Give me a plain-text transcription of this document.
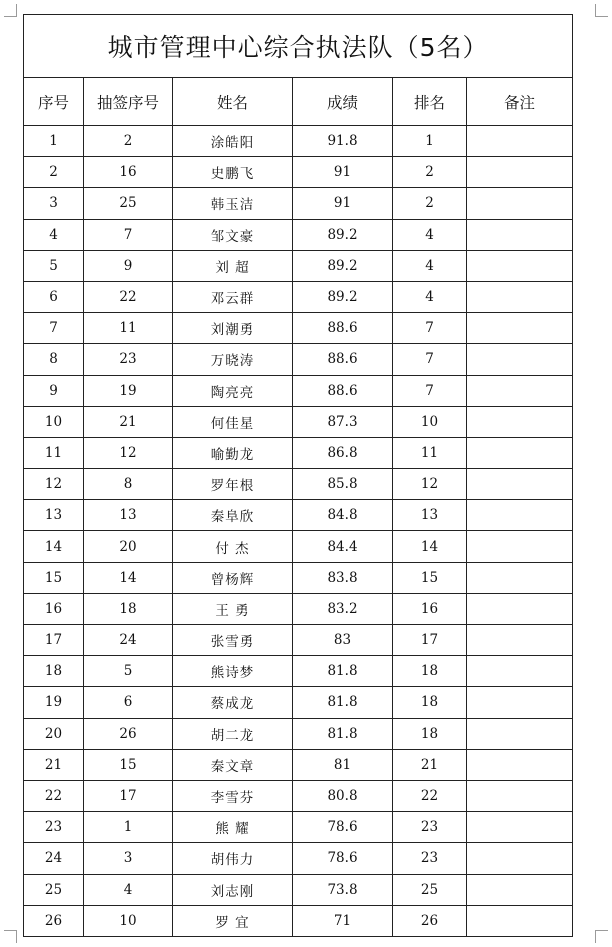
城市管理中心综合执法队（5名）					
序号	抽签序号	姓名	成绩	排名	备注
1	2	涂皓阳	91.8	1	
2	16	史鹏飞	91	2	
3	25	韩玉洁	91	2	
4	7	邹文豪	89.2	4	
5	9	刘 超	89.2	4	
6	22	邓云群	89.2	4	
7	11	刘潮勇	88.6	7	
8	23	万晓涛	88.6	7	
9	19	陶亮亮	88.6	7	
10	21	何佳星	87.3	10	
11	12	喻勤龙	86.8	11	
12	8	罗年根	85.8	12	
13	13	秦阜欣	84.8	13	
14	20	付 杰	84.4	14	
15	14	曾杨辉	83.8	15	
16	18	王 勇	83.2	16	
17	24	张雪勇	83	17	
18	5	熊诗梦	81.8	18	
19	6	蔡成龙	81.8	18	
20	26	胡二龙	81.8	18	
21	15	秦文章	81	21	
22	17	李雪芬	80.8	22	
23	1	熊 耀	78.6	23	
24	3	胡伟力	78.6	23	
25	4	刘志刚	73.8	25	
26	10	罗 宜	71	26	
